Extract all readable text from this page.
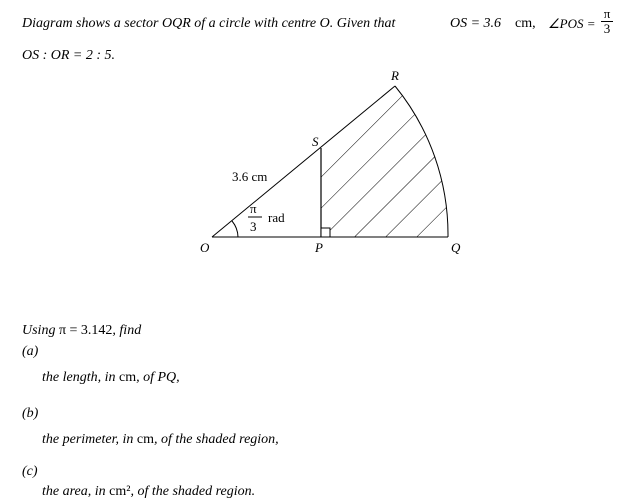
Diagram shows a sector OQR of a circle with centre O. Given that	OS = 3.6 cm,
OS : OR = 2 : 5.
∠POS = $\frac{\pi}{3}$
O	P	Q
R
S
3.6 cm
π
3
rad
Using π = 3.142, find
(a)
the length, in cm, of PQ,
(b)
the perimeter, in cm, of the shaded region,
(c)
the area, in cm², of the shaded region.
